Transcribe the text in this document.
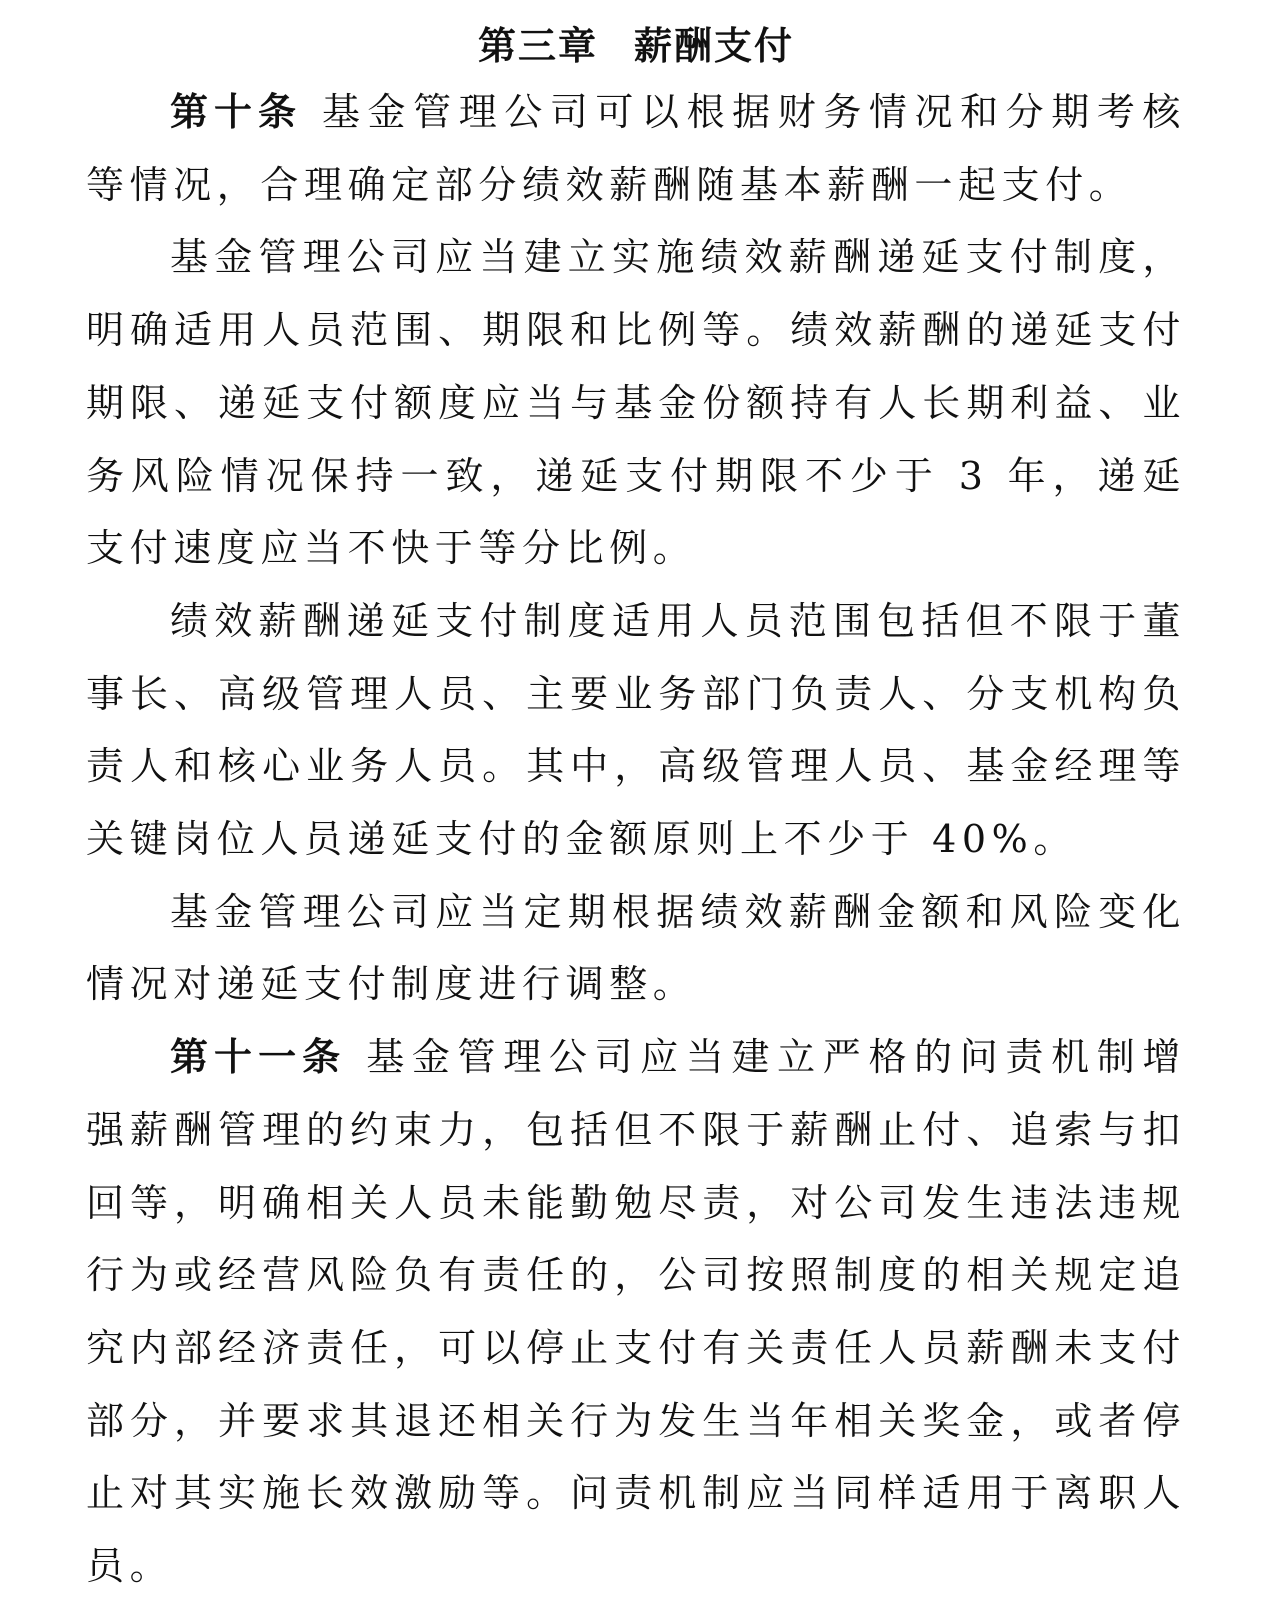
第三章 薪酬支付

第十条 基金管理公司可以根据财务情况和分期考核等情况，合理确定部分绩效薪酬随基本薪酬一起支付。

基金管理公司应当建立实施绩效薪酬递延支付制度，明确适用人员范围、期限和比例等。绩效薪酬的递延支付期限、递延支付额度应当与基金份额持有人长期利益、业务风险情况保持一致，递延支付期限不少于 3 年，递延支付速度应当不快于等分比例。

绩效薪酬递延支付制度适用人员范围包括但不限于董事长、高级管理人员、主要业务部门负责人、分支机构负责人和核心业务人员。其中，高级管理人员、基金经理等关键岗位人员递延支付的金额原则上不少于 40%。

基金管理公司应当定期根据绩效薪酬金额和风险变化情况对递延支付制度进行调整。

第十一条 基金管理公司应当建立严格的问责机制增强薪酬管理的约束力，包括但不限于薪酬止付、追索与扣回等，明确相关人员未能勤勉尽责，对公司发生违法违规行为或经营风险负有责任的，公司按照制度的相关规定追究内部经济责任，可以停止支付有关责任人员薪酬未支付部分，并要求其退还相关行为发生当年相关奖金，或者停止对其实施长效激励等。问责机制应当同样适用于离职人员。
